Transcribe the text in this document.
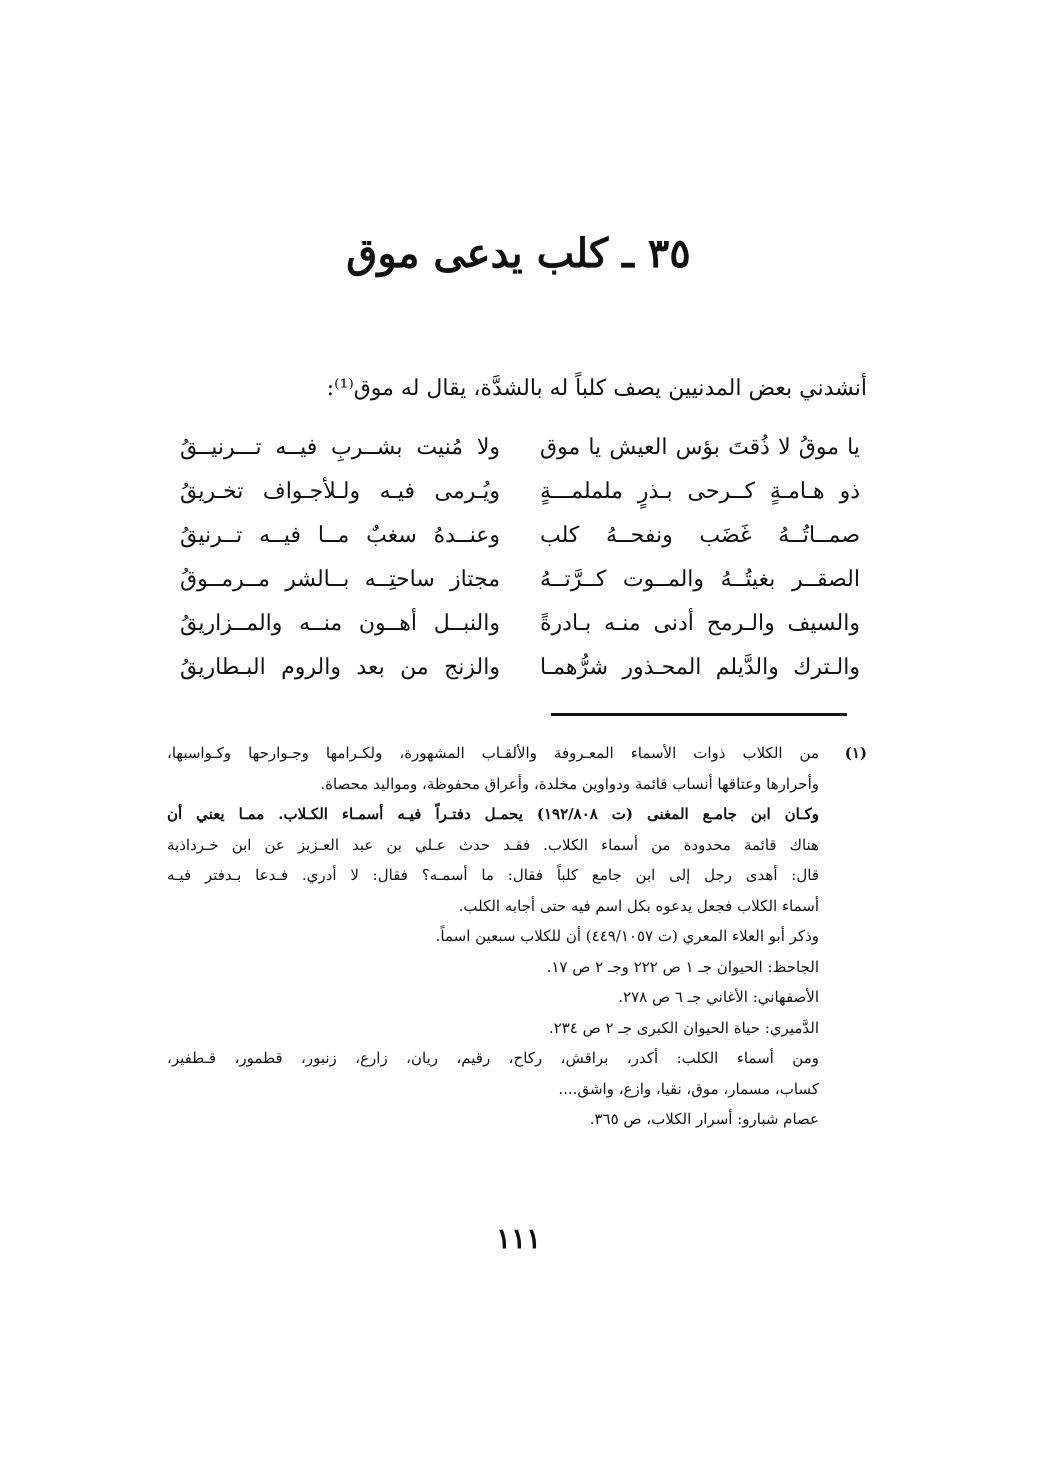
٣٥ ـ كلب يدعى موق
أنشدني بعض المدنيين يصف كلباً له بالشدَّة، يقال له موق⁽¹⁾:
يا موقُ لا ذُقتَ بؤس العيش يا موق
ولا مُنيت بشــربِ فيــه تـــرنيــقُ
ذو هـامـةٍ كــرحى بـذرٍ ململمـــةٍ
ويُـرمى فيـه ولـلأجـواف تخـريقُ
صمــاتُــهُ غَضَب ونفحــهُ كلب
وعنــدهُ سغبٌ مــا فيــه تــرنيقُ
الصقــر بغيتُــهُ والمــوت كــرَّتــهُ
مجتاز ساحتِــه بــالشر مــرمــوقُ
والسيف والـرمح أدنى منـه بـادرةً
والنبــل أهــون منــه والمــزاريقُ
والـترك والدَّيلم المحـذور شرُّهمـا
والزنج من بعد والروم البـطاريقُ
(١)
من الكلاب ذوات الأسماء المعـروفة والألقـاب المشهورة، ولكـرامها وجـوارحها وكـواسبها،
وأحرارها وعتاقها أنساب قائمة ودواوين مخلدة، وأعراق محفوظة، ومواليد محصاة.
وكـان ابن جامـع المغنى (ت ١٩٢/٨٠٨) يحمـل دفتـراً فيـه أسمـاء الكـلاب. ممـا يعني أن
هناك قائمة محدودة من أسماء الكلاب. فقـد حدث عـلي بن عبد العـزيز عن ابن خـرداذبة
قال: أهدى رجل إلى ابن جامع كلباً فقال: ما أسمـه؟ فقال: لا أدري. فـدعا بـدفتر فيـه
أسماء الكلاب فجعل يدعوه بكل اسم فيه حتى أجابه الكلب.
وذكر أبو العلاء المعري (ت ٤٤٩/١٠٥٧) أن للكلاب سبعين اسماً.
الجاحظ: الحيوان جـ ١ ص ٢٢٢ وجـ ٢ ص ١٧.
الأصفهاني: الأغاني جـ ٦ ص ٢٧٨.
الدَّميري: حياة الحيوان الكبرى جـ ٢ ص ٢٣٤.
ومن أسماء الكلب: أكدر، براقش، ركاح، رقيم، ريان، زارع، زنبور، قطمور، قـطفير،
كساب، مسمار، موق، نقيا، وازع، واشق....
عصام شبارو: أسرار الكلاب، ص ٣٦٥.
١١١
